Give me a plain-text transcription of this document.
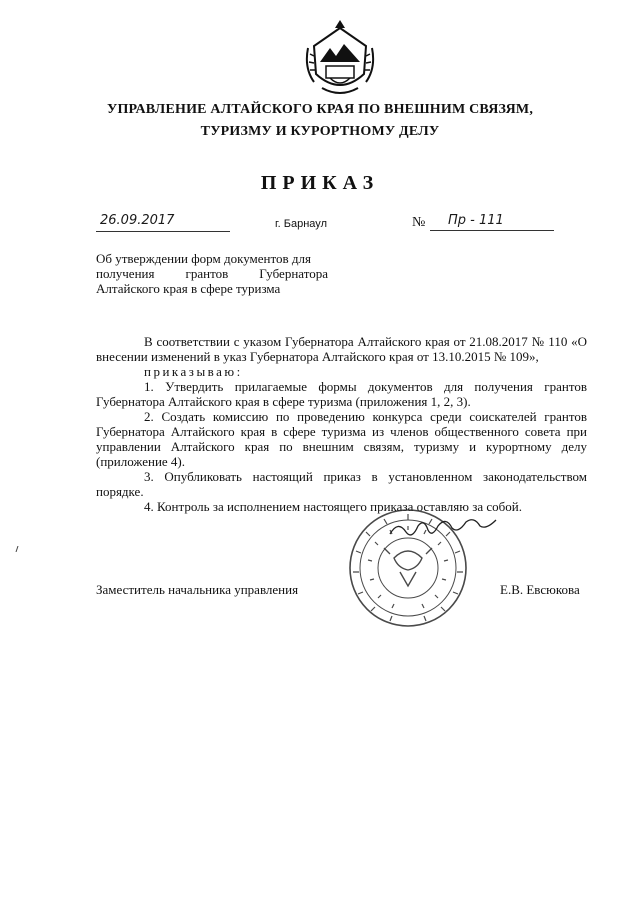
УПРАВЛЕНИЕ АЛТАЙСКОГО КРАЯ ПО ВНЕШНИМ СВЯЗЯМ,
ТУРИЗМУ И КУРОРТНОМУ ДЕЛУ
ПРИКАЗ
26.09.2017	г. Барнаул	№	Пр - 111
Об утверждении форм документов для
получения грантов Губернатора
Алтайского края в сфере туризма

В соответствии с указом Губернатора Алтайского края от 21.08.2017 № 110 «О внесении изменений в указ Губернатора Алтайского края от 13.10.2015 № 109»,

приказываю:

1. Утвердить прилагаемые формы документов для получения грантов Губернатора Алтайского края в сфере туризма (приложения 1, 2, 3).

2. Создать комиссию по проведению конкурса среди соискателей грантов Губернатора Алтайского края в сфере туризма из членов общественного совета при управлении Алтайского края по внешним связям, туризму и курортному делу (приложение 4).

3. Опубликовать настоящий приказ в установленном законодательством порядке.

4. Контроль за исполнением настоящего приказа оставляю за собой.

Заместитель начальника управления	Е.В. Евсюкова
